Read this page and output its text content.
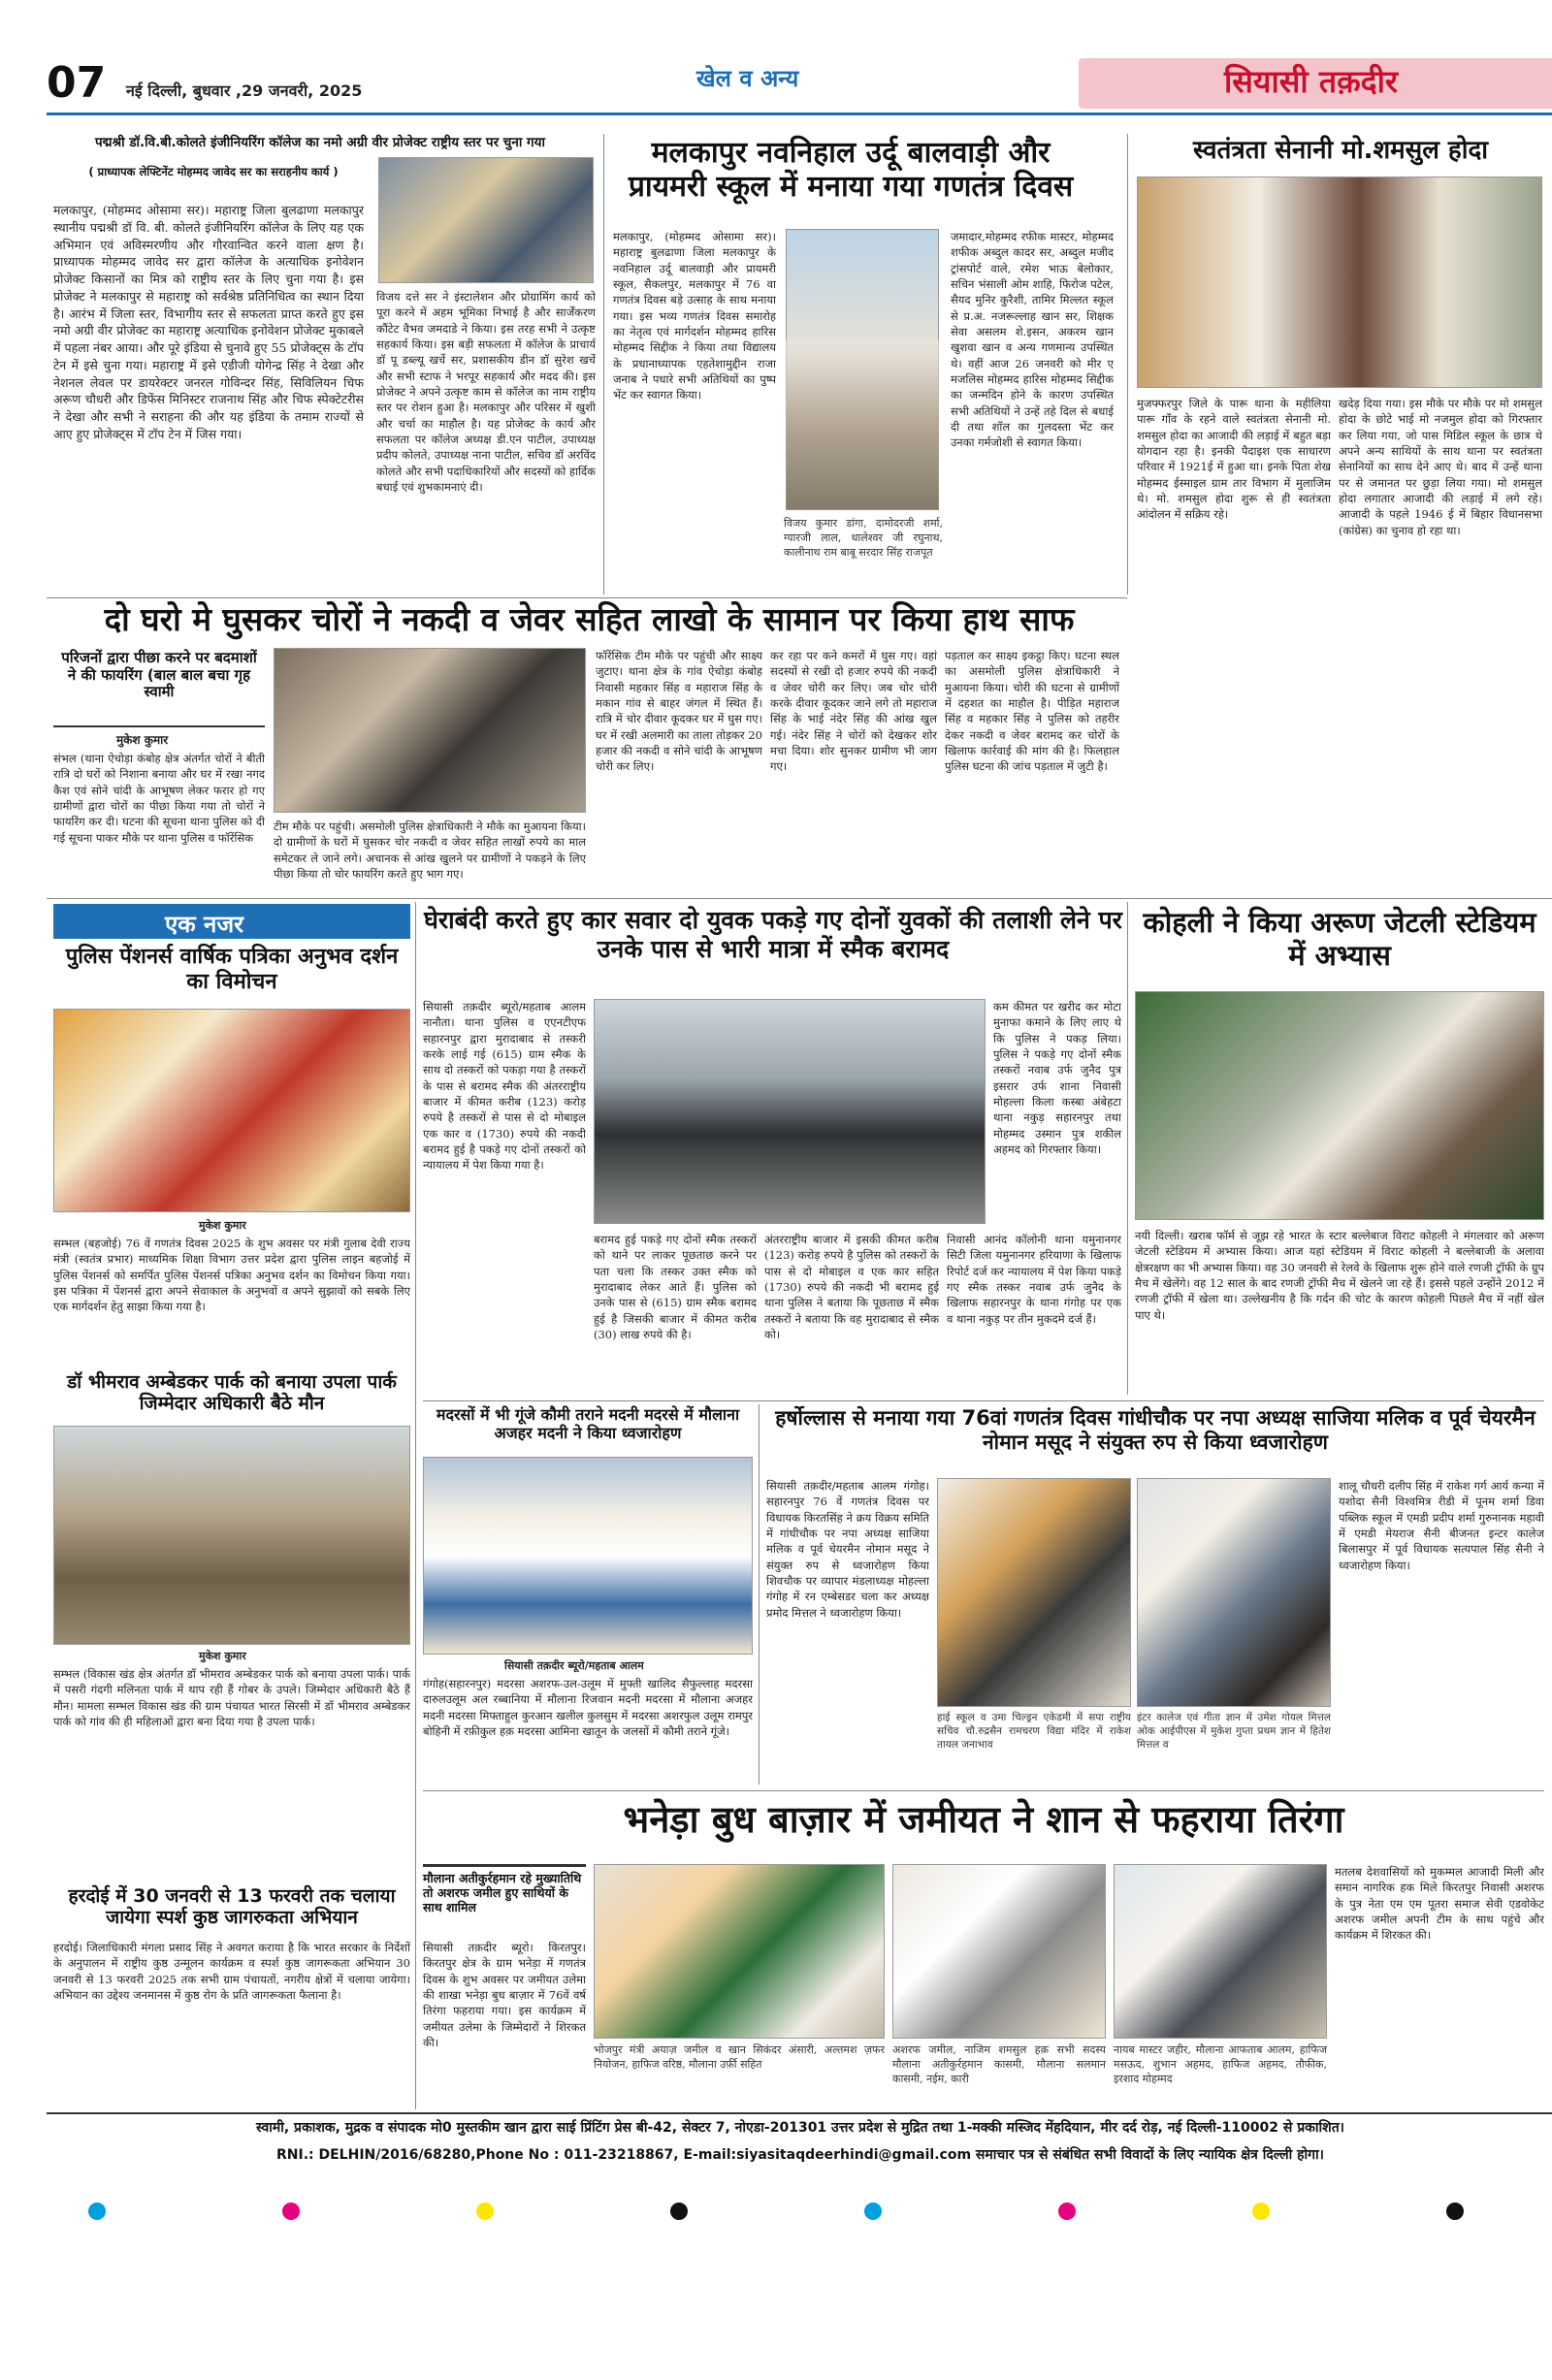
07 नई दिल्ली, बुधवार ,29 जनवरी, 2025	खेल व अन्य	सियासी तक़दीर
पद्मश्री डॉ.वि.बी.कोलते इंजीनियरिंग कॉलेज का नमो अग्री वीर प्रोजेक्ट राष्ट्रीय स्तर पर चुना गया
( प्राध्यापक लेफ्टिनेंट मोहम्मद जावेद सर का सराहनीय कार्य )
मलकापुर, (मोहम्मद ओसामा सर)। महाराष्ट्र जिला बुलढाणा मलकापुर स्थानीय पद्मश्री डॉ वि. बी. कोलते इंजीनियरिंग कॉलेज के लिए यह एक अभिमान एवं अविस्मरणीय और गौरवान्वित करने वाला क्षण है। प्राध्यापक मोहम्मद जावेद सर द्वारा कॉलेज के अत्याधिक इनोवेशन प्रोजेक्ट किसानों का मित्र को राष्ट्रीय स्तर के लिए चुना गया है। इस प्रोजेक्ट ने मलकापुर से महाराष्ट्र को सर्वश्रेष्ठ प्रतिनिधित्व का स्थान दिया है। आरंभ में जिला स्तर, विभागीय स्तर से सफलता प्राप्त करते हुए इस नमो अग्री वीर प्रोजेक्ट का महाराष्ट्र अत्याधिक इनोवेशन प्रोजेक्ट मुकाबले में पहला नंबर आया। और पूरे इंडिया से चुनावे हुए 55 प्रोजेक्ट्स के टॉप टेन में इसे चुना गया। महाराष्ट्र में इसे एडीजी योगेन्द्र सिंह ने देखा और नेशनल लेवल पर डायरेक्टर जनरल गोविन्दर सिंह, सिविलियन चिफ अरूण चौधरी और डिफेंस मिनिस्टर राजनाथ सिंह और चिफ स्पेक्टेटरीस ने देखा और सभी ने सराहना की और यह इंडिया के तमाम राज्यों से आए हुए प्रोजेक्ट्स में टॉप टेन में जिस गया।
विजय दत्ते सर ने इंस्टालेशन और प्रोग्रामिंग कार्य को पूरा करने में अहम भूमिका निभाई है और सार्जेंकरण कौंटेट वैभव जमदाडे ने किया। इस तरह सभी ने उत्कृष्ट सहकार्य किया। इस बड़ी सफलता में कॉलेज के प्राचार्य डॉ पू डब्ल्यू खर्चे सर, प्रशासकीय डीन डॉ सुरेश खर्चे और सभी स्टाफ ने भरपूर सहकार्य और मदद की। इस प्रोजेक्ट ने अपने उत्कृष्ट काम से कॉलेज का नाम राष्ट्रीय स्तर पर रोशन हुआ है। मलकापुर और परिसर में खुशी और चर्चा का माहौल है। यह प्रोजेक्ट के कार्य और सफलता पर कॉलेज अध्यक्ष डी.एन पाटील, उपाध्यक्ष प्रदीप कोलते, उपाध्यक्ष नाना पाटील, सचिव डॉ अरविंद कोलते और सभी पदाधिकारियों और सदस्यों को हार्दिक बधाई एवं शुभकामनाएं दी।
मलकापुर नवनिहाल उर्दू बालवाड़ी और प्रायमरी स्कूल में मनाया गया गणतंत्र दिवस
मलकापुर, (मोहम्मद ओसामा सर)। महाराष्ट्र बुलढाणा जिला मलकापुर के नवनिहाल उर्दू बालवाड़ी और प्रायमरी स्कूल, सैकलपुर, मलकापुर में 76 वा गणतंत्र दिवस बड़े उत्साह के साथ मनाया गया। इस भव्य गणतंत्र दिवस समारोह का नेतृत्व एवं मार्गदर्शन मोहम्मद हारिस मोहम्मद सिद्दीक ने किया तथा विद्यालय के प्रधानाध्यापक एहतेशामुद्दीन राजा जनाब ने पधारे सभी अतिथियों का पुष्प भेंट कर स्वागत किया।
विजय कुमार डांगा, दामोदरजी शर्मा, ग्यारजी लाल, धालेश्वर जी रघुनाथ, कालीनाथ राम बाबू सरदार सिंह राजपूत
जमादार,मोहम्मद रफीक मास्टर, मोहम्मद शफीक अब्दुल कादर सर, अब्दुल मजीद ट्रांसपोर्ट वाले, रमेश भाऊ बेलोकार, सचिन भंसाली ओम शाहि, फिरोज पटेल, सैयद मुनिर कुरैशी, तामिर मिल्लत स्कूल से प्र.अ. नजरूल्लाह खान सर, शिक्षक सेवा असलम शे.इसन, अकरम खान खुशवा खान व अन्य गणमान्य उपस्थित थे। वहीं आज 26 जनवरी को मीर ए मजलिस मोहम्मद हारिस मोहम्मद सिद्दीक का जन्मदिन होने के कारण उपस्थित सभी अतिथियों ने उन्हें तहे दिल से बधाई दी तथा शॉल का गुलदस्ता भेंट कर उनका गर्मजोशी से स्वागत किया।
स्वतंत्रता सेनानी मो.शमसुल होदा
मुजफ्फरपुर जिले के पारू थाना के महीलिया पारू गाँव के रहने वाले स्वतंत्रता सेनानी मो. शमसुल होदा का आजादी की लड़ाई में बहुत बड़ा योगदान रहा है। इनकी पैदाइश एक साधारण परिवार में 1921ई में हुआ था। इनके पिता शेख मोहम्मद ईस्माइल ग्राम तार विभाग में मुलाजिम थे। मो. शमसुल होदा शुरू से ही स्वतंत्रता आंदोलन में सक्रिय रहे।
खदेड़ दिया गया। इस मौके पर मौके पर मो शमसुल होदा के छोटे भाई मो नजमुल होदा को गिरफ्तार कर लिया गया, जो पास मिडिल स्कूल के छात्र थे अपने अन्य साथियों के साथ थाना पर स्वतंत्रता सेनानियों का साथ देने आए थे। बाद में उन्हें थाना पर से जमानत पर छुड़ा लिया गया। मो शमसुल होदा लगातार आजादी की लड़ाई में लगे रहे। आजादी के पहले 1946 ई में बिहार विधानसभा (कांग्रेस) का चुनाव हो रहा था।
दो घरो मे घुसकर चोरों ने नकदी व जेवर सहित लाखो के सामान पर किया हाथ साफ
परिजनों द्वारा पीछा करने पर बदमाशों ने की फायरिंग (बाल बाल बचा गृह स्वामी
मुकेश कुमार
संभल (थाना ऐचोड़ा कंबोह क्षेत्र अंतर्गत चोरों ने बीती रात्रि दो घरों को निशाना बनाया और घर में रखा नगद कैश एवं सोने चांदी के आभूषण लेकर फरार हो गए ग्रामीणों द्वारा चोरों का पीछा किया गया तो चोरों ने फायरिंग कर दी। घटना की सूचना थाना पुलिस को दी गई सूचना पाकर मौके पर थाना पुलिस व फॉरेंसिक
टीम मौके पर पहुंची। असमोली पुलिस क्षेत्राधिकारी ने मौके का मुआयना किया। दो ग्रामीणों के घरों में घुसकर चोर नकदी व जेवर सहित लाखों रुपये का माल समेटकर ले जाने लगे। अचानक से आंख खुलने पर ग्रामीणों ने पकड़ने के लिए पीछा किया तो चोर फायरिंग करते हुए भाग गए।
फॉरेंसिक टीम मौके पर पहुंची और साक्ष्य जुटाए। थाना क्षेत्र के गांव ऐचोड़ा कंबोह निवासी महकार सिंह व महाराज सिंह के मकान गांव से बाहर जंगल में स्थित हैं। रात्रि में चोर दीवार कूदकर घर में घुस गए। घर में रखी अलमारी का ताला तोड़कर 20 हजार की नकदी व सोने चांदी के आभूषण चोरी कर लिए।
कर रहा पर कने कमरों में घुस गए। वहां सदस्यों से रखी दो हजार रुपये की नकदी व जेवर चोरी कर लिए। जब चोर चोरी करके दीवार कूदकर जाने लगे तो महाराज सिंह के भाई नंदेर सिंह की आंख खुल गई। नंदेर सिंह ने चोरों को देखकर शोर मचा दिया। शोर सुनकर ग्रामीण भी जाग गए।
पड़ताल कर साक्ष्य इकट्ठा किए। घटना स्थल का असमोली पुलिस क्षेत्राधिकारी ने मुआयना किया। चोरी की घटना से ग्रामीणों में दहशत का माहौल है। पीड़ित महाराज सिंह व महकार सिंह ने पुलिस को तहरीर देकर नकदी व जेवर बरामद कर चोरों के खिलाफ कार्रवाई की मांग की है। फिलहाल पुलिस घटना की जांच पड़ताल में जुटी है।
एक नजर
पुलिस पेंशनर्स वार्षिक पत्रिका अनुभव दर्शन का विमोचन
मुकेश कुमार
सम्भल (बहजोई) 76 वें गणतंत्र दिवस 2025 के शुभ अवसर पर मंत्री गुलाब देवी राज्य मंत्री (स्वतंत्र प्रभार) माध्यमिक शिक्षा विभाग उत्तर प्रदेश द्वारा पुलिस लाइन बहजोई में पुलिस पेंशनर्स को समर्पित पुलिस पेंशनर्स पत्रिका अनुभव दर्शन का विमोचन किया गया। इस पत्रिका में पेंशनर्स द्वारा अपने सेवाकाल के अनुभवों व अपने सुझावों को सबके लिए एक मार्गदर्शन हेतु साझा किया गया है।
डॉ भीमराव अम्बेडकर पार्क को बनाया उपला पार्क जिम्मेदार अधिकारी बैठे मौन
मुकेश कुमार
सम्भल (विकास खंड क्षेत्र अंतर्गत डॉ भीमराव अम्बेडकर पार्क को बनाया उपला पार्क। पार्क में पसरी गंदगी मलिनता पार्क में थाप रही हैं गोबर के उपले। जिम्मेदार अधिकारी बैठे हैं मौन। मामला सम्भल विकास खंड की ग्राम पंचायत भारत सिरसी में डॉ भीमराव अम्बेडकर पार्क को गांव की ही महिलाओं द्वारा बना दिया गया है उपला पार्क।
हरदोई में 30 जनवरी से 13 फरवरी तक चलाया जायेगा स्पर्श कुष्ठ जागरुकता अभियान
हरदोई। जिलाधिकारी मंगला प्रसाद सिंह ने अवगत कराया है कि भारत सरकार के निर्देशों के अनुपालन में राष्ट्रीय कुष्ठ उन्मूलन कार्यक्रम व स्पर्श कुष्ठ जागरूकता अभियान 30 जनवरी से 13 फरवरी 2025 तक सभी ग्राम पंचायतों, नगरीय क्षेत्रों में चलाया जायेगा। अभियान का उद्देश्य जनमानस में कुष्ठ रोग के प्रति जागरूकता फैलाना है।
घेराबंदी करते हुए कार सवार दो युवक पकड़े गए दोनों युवकों की तलाशी लेने पर उनके पास से भारी मात्रा में स्मैक बरामद
सियासी तक़दीर ब्यूरो/महताब आलम नानौता। थाना पुलिस व एएनटीएफ सहारनपुर द्वारा मुरादाबाद से तस्करी करके लाई गई (615) ग्राम स्मैक के साथ दो तस्करों को पकड़ा गया है तस्करों के पास से बरामद स्मैक की अंतरराष्ट्रीय बाजार में कीमत करीब (123) करोड़ रुपये है तस्करों से पास से दो मोबाइल एक कार व (1730) रुपये की नकदी बरामद हुई है पकड़े गए दोनों तस्करों को न्यायालय में पेश किया गया है।
कम कीमत पर खरीद कर मोटा मुनाफा कमाने के लिए लाए थे कि पुलिस ने पकड़ लिया। पुलिस ने पकड़े गए दोनों स्मैक तस्करों नवाब उर्फ जुनैद पुत्र इसरार उर्फ शाना निवासी मोहल्ला किला कस्बा अंबेहटा थाना नकुड़ सहारनपुर तथा मोहम्मद उस्मान पुत्र शकील अहमद को गिरफ्तार किया।
बरामद हुई पकड़े गए दोनों स्मैक तस्करों को थाने पर लाकर पूछताछ करने पर पता चला कि तस्कर उक्त स्मैक को मुरादाबाद लेकर आते हैं। पुलिस को उनके पास से (615) ग्राम स्मैक बरामद हुई है जिसकी बाजार में कीमत करीब (30) लाख रुपये की है।
अंतरराष्ट्रीय बाजार में इसकी कीमत करीब (123) करोड़ रुपये है पुलिस को तस्करों के पास से दो मोबाइल व एक कार सहित (1730) रुपये की नकदी भी बरामद हुई थाना पुलिस ने बताया कि पूछताछ में स्मैक तस्करों ने बताया कि वह मुरादाबाद से स्मैक को।
निवासी आनंद कॉलोनी थाना यमुनानगर सिटी जिला यमुनानगर हरियाणा के खिलाफ रिपोर्ट दर्ज कर न्यायालय में पेश किया पकड़े गए स्मैक तस्कर नवाब उर्फ जुनैद के खिलाफ सहारनपुर के थाना गंगोह पर एक व थाना नकुड़ पर तीन मुकदमे दर्ज हैं।
कोहली ने किया अरूण जेटली स्टेडियम में अभ्यास
नयी दिल्ली। खराब फॉर्म से जूझ रहे भारत के स्टार बल्लेबाज विराट कोहली ने मंगलवार को अरूण जेटली स्टेडियम में अभ्यास किया। आज यहां स्टेडियम में विराट कोहली ने बल्लेबाजी के अलावा क्षेत्ररक्षण का भी अभ्यास किया। वह 30 जनवरी से रेलवे के खिलाफ शुरू होने वाले रणजी ट्रॉफी के ग्रुप मैच में खेलेंगे। वह 12 साल के बाद रणजी ट्रॉफी मैच में खेलने जा रहे हैं। इससे पहले उन्होंने 2012 में रणजी ट्रॉफी में खेला था। उल्लेखनीय है कि गर्दन की चोट के कारण कोहली पिछले मैच में नहीं खेल पाए थे।
मदरसों में भी गूंजे कौमी तराने मदनी मदरसे में मौलाना अजहर मदनी ने किया ध्वजारोहण
सियासी तक़दीर ब्यूरो/महताब आलम
गंगोह(सहारनपुर) मदरसा अशरफ-उल-उलूम में मुफ्ती खालिद सैफुल्लाह मदरसा दारुलउलूम अल रब्बानिया में मौलाना रिजवान मदनी मदरसा में मौलाना अजहर मदनी मदरसा मिफ्ताहुल कुरआन खलील कुलसुम में मदरसा अशरफुल उलूम रामपुर बोहिनी में रफ़ीकुल हक़ मदरसा आमिना खातून के जलसों में कौमी तराने गूंजे।
हर्षोल्लास से मनाया गया 76वां गणतंत्र दिवस गांधीचौक पर नपा अध्यक्ष साजिया मलिक व पूर्व चेयरमैन नोमान मसूद ने संयुक्त रुप से किया ध्वजारोहण
सियासी तक़दीर/महताब आलम गंगोह। सहारनपुर 76 वें गणतंत्र दिवस पर विधायक किरतसिंह ने क्रय विक्रय समिति में गांधीचौक पर नपा अध्यक्ष साजिया मलिक व पूर्व चेयरमैन नोमान मसूद ने संयुक्त रुप से ध्वजारोहण किया शिवचौक पर व्यापार मंडलाध्यक्ष मोहल्ला गंगोह में रन एम्बेसडर चला कर अध्यक्ष प्रमोद मित्तल ने ध्वजारोहण किया।
हाई स्कूल व उमा चिल्ड्रन एकेडमी में सपा राष्ट्रीय सचिव चौ.रुद्रसैन रामचरण विद्या मंदिर में राकेश तायल जनाभाव
इंटर कालेज एवं गीता ज्ञान में उमेश गोयल मित्तल ओक आईपीएस में मुकेश गुप्ता प्रथम ज्ञान में हितेश मित्तल व
शालू चौधरी दलीप सिंह में राकेश गर्ग आर्य कन्या में यशोदा सैनी विश्वमित्र रीडी में पूनम शर्मा डिवा पब्लिक स्कूल में एमडी प्रदीप शर्मा गुरुनानक महावी में एमडी मेयराज सैनी बीजनत इन्टर कालेज बिलासपुर में पूर्व विधायक सत्यपाल सिंह सैनी ने ध्वजारोहण किया।
भनेड़ा बुध बाज़ार में जमीयत ने शान से फहराया तिरंगा
मौलाना अतीकुर्रहमान रहे मुख्यातिथि तो अशरफ जमील हुए साथियों के साथ शामिल
सियासी तक़दीर ब्यूरो। किरतपुर। किरतपुर क्षेत्र के ग्राम भनेड़ा में गणतंत्र दिवस के शुभ अवसर पर जमीयत उलेमा की शाखा भनेड़ा बुध बाज़ार में 76वें वर्ष तिरंगा फहराया गया। इस कार्यक्रम में जमीयत उलेमा के जिम्मेदारों ने शिरकत की।
भोजपुर मंत्री अयाज़ जमील व खान सिकंदर अंसारी, अल्तमश ज़फर नियोजन, हाफिज वरिष्ठ, मौलाना उर्फ़ी सहित
अशरफ जमील, नाजिम शमसुल हक़ सभी सदस्य मौलाना अतीकुर्रहमान कासमी, मौलाना सलमान कासमी, नईम, कारी
नायब मास्टर जहीर, मौलाना आफताब आलम, हाफिज मसऊद, शुभान अहमद, हाफिज अहमद, तौफीक, इरशाद मोहम्मद
मतलब देशवासियों को मुकम्मल आजादी मिली और समान नागरिक हक मिले किरतपुर निवासी अशरफ के पुत्र नेता एम एम पूतरा समाज सेवी एडवोकेट अशरफ जमील अपनी टीम के साथ पहुंचे और कार्यक्रम में शिरकत की।
स्वामी, प्रकाशक, मुद्रक व संपादक मो0 मुस्तकीम खान द्वारा साई प्रिंटिंग प्रेस बी-42, सेक्टर 7, नोएडा-201301 उत्तर प्रदेश से मुद्रित तथा 1-मक्की मस्जिद मेंहदियान, मीर दर्द रोड़, नई दिल्ली-110002 से प्रकाशित।
RNI.: DELHIN/2016/68280,Phone No : 011-23218867, E-mail:siyasitaqdeerhindi@gmail.com समाचार पत्र से संबंधित सभी विवादों के लिए न्यायिक क्षेत्र दिल्ली होगा।
